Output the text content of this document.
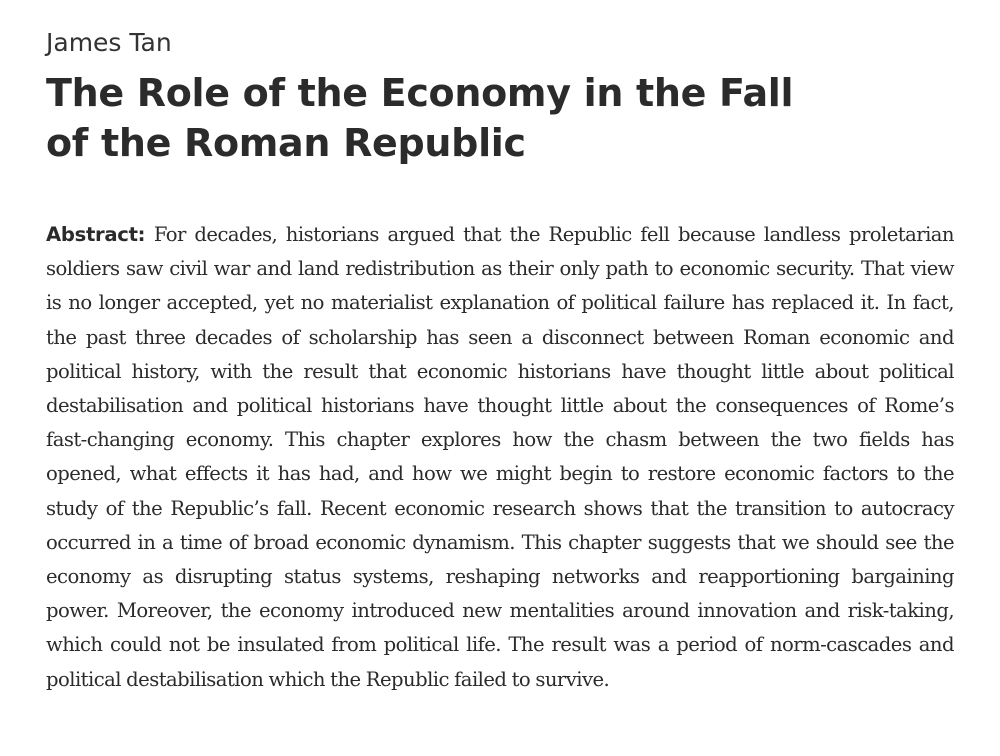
James Tan

The Role of the Economy in the Fall
of the Roman Republic

Abstract: For decades, historians argued that the Republic fell because landless proletarian soldiers saw civil war and land redistribution as their only path to economic security. That view is no longer accepted, yet no materialist explanation of political failure has replaced it. In fact, the past three decades of scholarship has seen a disconnect between Roman economic and political history, with the result that economic historians have thought little about political destabilisation and political historians have thought little about the consequences of Rome’s fast-changing economy. This chapter explores how the chasm between the two fields has opened, what effects it has had, and how we might begin to restore economic factors to the study of the Republic’s fall. Recent economic research shows that the transition to autocracy occurred in a time of broad economic dynamism. This chapter suggests that we should see the economy as disrupting status systems, reshaping networks and reapportioning bargaining power. Moreover, the economy introduced new mentalities around innovation and risk-taking, which could not be insulated from political life. The result was a period of norm-cascades and political destabilisation which the Republic failed to survive.
